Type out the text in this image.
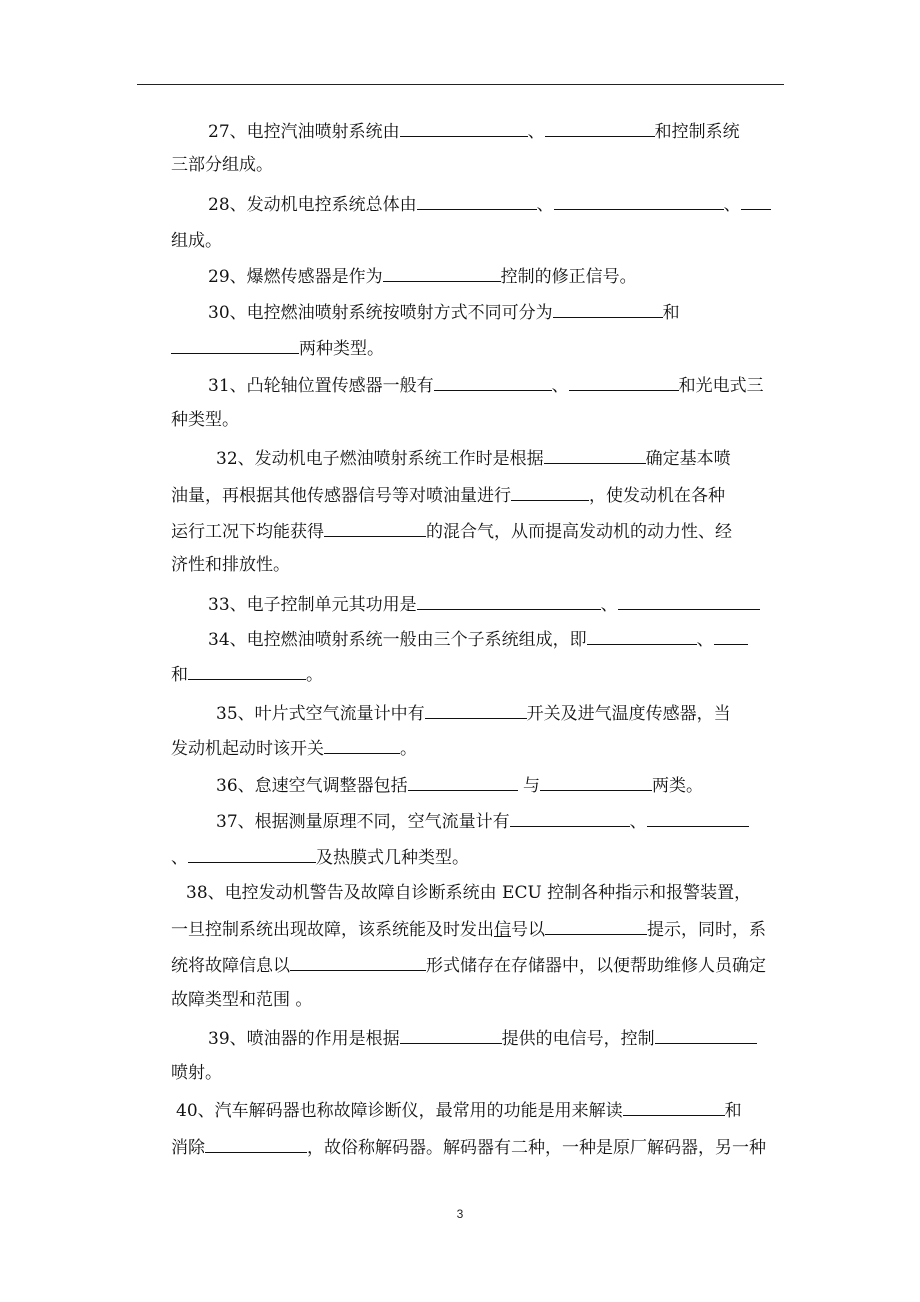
27、电控汽油喷射系统由	、	和控制系统
三部分组成。
28、发动机电控系统总体由	、	、
组成。
29、爆燃传感器是作为	控制的修正信号。
30、电控燃油喷射系统按喷射方式不同可分为	和
两种类型。
31、凸轮轴位置传感器一般有	、	和光电式三
种类型。
32、发动机电子燃油喷射系统工作时是根据	确定基本喷
油量，再根据其他传感器信号等对喷油量进行	，使发动机在各种
运行工况下均能获得	的混合气，从而提高发动机的动力性、经
济性和排放性。
33、电子控制单元其功用是	、
34、电控燃油喷射系统一般由三个子系统组成，即	、
和	。
35、叶片式空气流量计中有	开关及进气温度传感器，当
发动机起动时该开关	。
36、怠速空气调整器包括	与	两类。
37、根据测量原理不同，空气流量计有	、
、	及热膜式几种类型。
38、电控发动机警告及故障自诊断系统由 ECU 控制各种指示和报警装置，
一旦控制系统出现故障，该系统能及时发出信号以	提示，同时，系
统将故障信息以	形式储存在存储器中，以便帮助维修人员确定
故障类型和范围 。
39、喷油器的作用是根据	提供的电信号，控制
喷射。
40、汽车解码器也称故障诊断仪，最常用的功能是用来解读	和
消除	，故俗称解码器。解码器有二种，一种是原厂解码器，另一种
3
